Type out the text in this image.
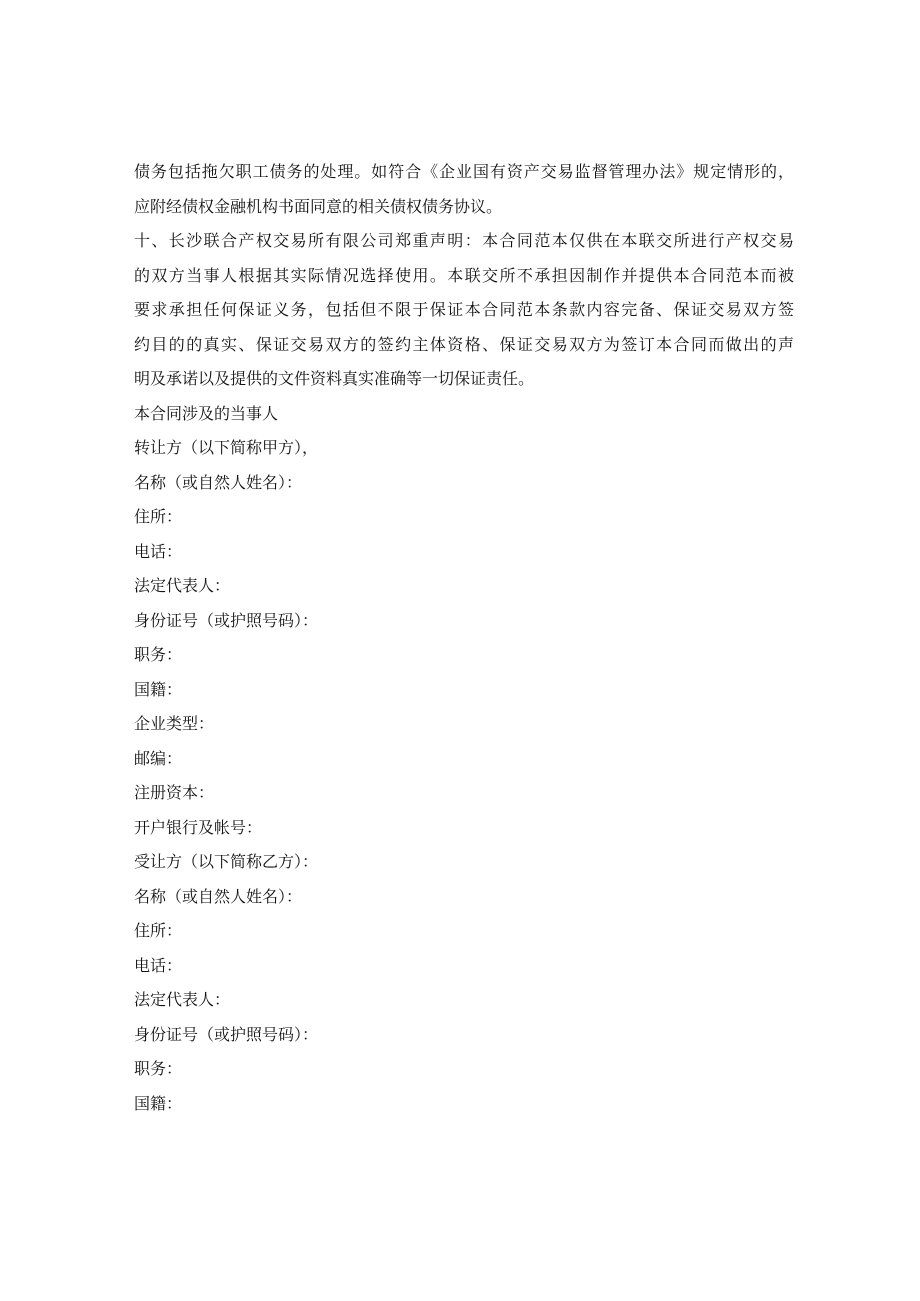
债务包括拖欠职工债务的处理。如符合《企业国有资产交易监督管理办法》规定情形的，
应附经债权金融机构书面同意的相关债权债务协议。
十、长沙联合产权交易所有限公司郑重声明：本合同范本仅供在本联交所进行产权交易
的双方当事人根据其实际情况选择使用。本联交所不承担因制作并提供本合同范本而被
要求承担任何保证义务，包括但不限于保证本合同范本条款内容完备、保证交易双方签
约目的的真实、保证交易双方的签约主体资格、保证交易双方为签订本合同而做出的声
明及承诺以及提供的文件资料真实准确等一切保证责任。
本合同涉及的当事人
转让方（以下简称甲方），
名称（或自然人姓名）：
住所：
电话：
法定代表人：
身份证号（或护照号码）：
职务：
国籍：
企业类型：
邮编：
注册资本：
开户银行及帐号：
受让方（以下简称乙方）：
名称（或自然人姓名）：
住所：
电话：
法定代表人：
身份证号（或护照号码）：
职务：
国籍：
